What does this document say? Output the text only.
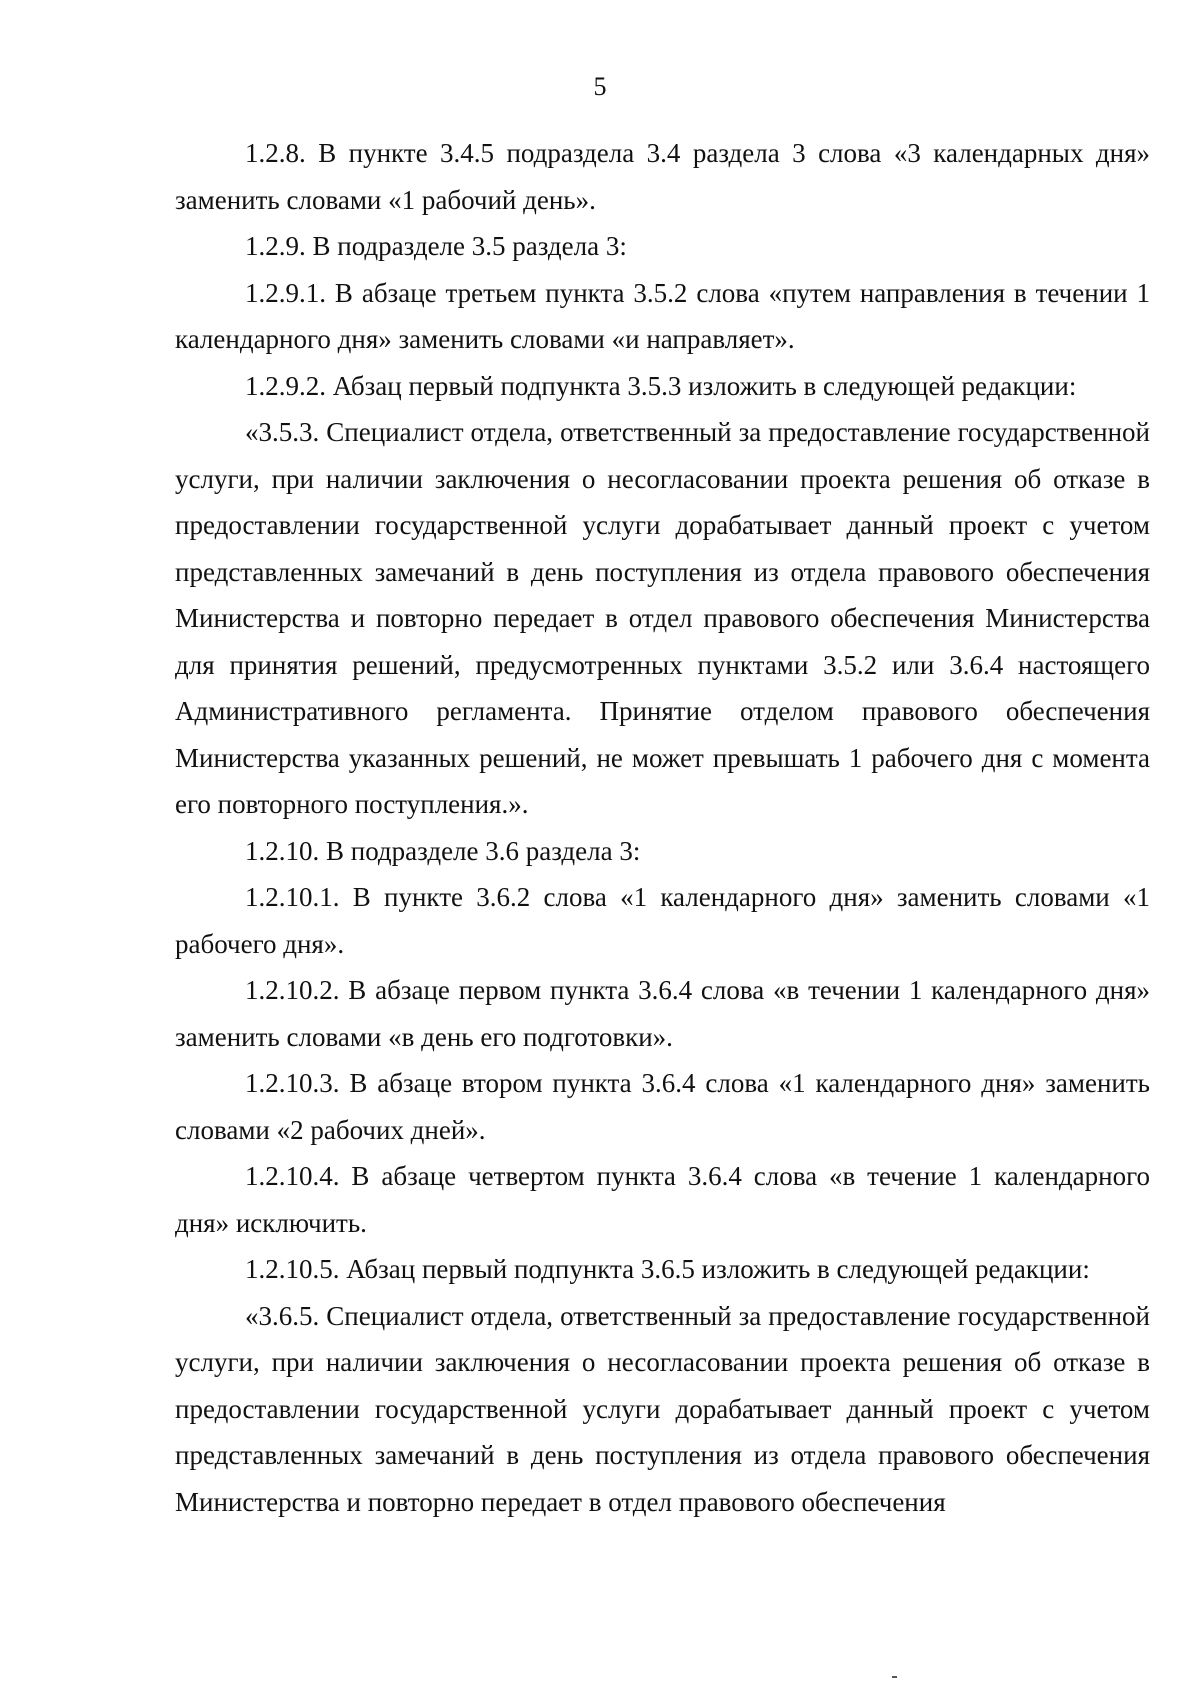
5

1.2.8. В пункте 3.4.5 подраздела 3.4 раздела 3 слова «3 календарных дня» заменить словами «1 рабочий день».

1.2.9. В подразделе 3.5 раздела 3:

1.2.9.1. В абзаце третьем пункта 3.5.2 слова «путем направления в течении 1 календарного дня» заменить словами «и направляет».

1.2.9.2. Абзац первый подпункта 3.5.3 изложить в следующей редакции:

«3.5.3. Специалист отдела, ответственный за предоставление государственной услуги, при наличии заключения о несогласовании проекта решения об отказе в предоставлении государственной услуги дорабатывает данный проект с учетом представленных замечаний в день поступления из отдела правового обеспечения Министерства и повторно передает в отдел правового обеспечения Министерства для принятия решений, предусмотренных пунктами 3.5.2 или 3.6.4 настоящего Административного регламента. Принятие отделом правового обеспечения Министерства указанных решений, не может превышать 1 рабочего дня с момента его повторного поступления.».

1.2.10. В подразделе 3.6 раздела 3:

1.2.10.1. В пункте 3.6.2 слова «1 календарного дня» заменить словами «1 рабочего дня».

1.2.10.2. В абзаце первом пункта 3.6.4 слова «в течении 1 календарного дня» заменить словами «в день его подготовки».

1.2.10.3. В абзаце втором пункта 3.6.4 слова «1 календарного дня» заменить словами «2 рабочих дней».

1.2.10.4. В абзаце четвертом пункта 3.6.4 слова «в течение 1 календарного дня» исключить.

1.2.10.5. Абзац первый подпункта 3.6.5 изложить в следующей редакции:

«3.6.5. Специалист отдела, ответственный за предоставление государственной услуги, при наличии заключения о несогласовании проекта решения об отказе в предоставлении государственной услуги дорабатывает данный проект с учетом представленных замечаний в день поступления из отдела правового обеспечения Министерства и повторно передает в отдел правового обеспечения
